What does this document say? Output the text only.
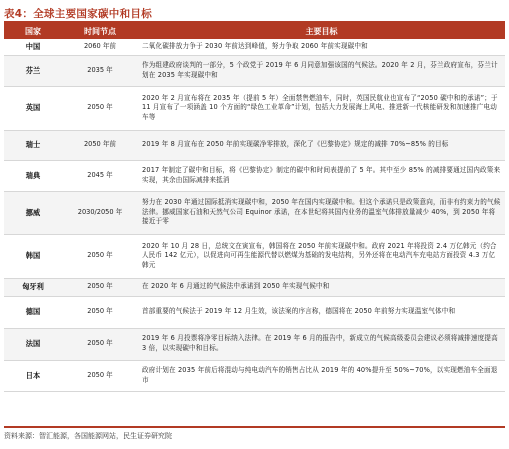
表4：全球主要国家碳中和目标
国家	时间节点	主要目标
中国	2060 年前	二氧化碳排放力争于 2030 年前达到峰值，努力争取 2060 年前实现碳中和
芬兰	2035 年	作为组建政府谈判的一部分，5 个政党于 2019 年 6 月同意加强该国的气候法。2020 年 2 月，芬兰政府宣布，芬兰计划在 2035 年实现碳中和
英国	2050 年	2020 年 2 月宣布将在 2035 年（提前 5 年）全面禁售燃油车，同时，英国民航业也宣布了“2050 碳中和的承诺”；于 11 月宣布了一项涵盖 10 个方面的“绿色工业革命”计划，包括大力发展海上风电、推进新一代核能研发和加速推广电动车等
瑞士	2050 年前	2019 年 8 月宣布在 2050 年前实现碳净零排放，深化了《巴黎协定》规定的减排 70%~85% 的目标
瑞典	2045 年	2017 年制定了碳中和目标，将《巴黎协定》制定的碳中和时间表提前了 5 年。其中至少 85% 的减排要通过国内政策来实现，其余由国际减排来抵消
挪威	2030/2050 年	努力在 2030 年通过国际抵消实现碳中和，2050 年在国内实现碳中和。但这个承诺只是政策意向，而非有约束力的气候法律。挪威国家石油和天然气公司 Equinor 承诺，在本世纪将其国内业务的温室气体排放量减少 40%，到 2050 年将接近于零
韩国	2050 年	2020 年 10 月 28 日，总统文在寅宣布，韩国将在 2050 年前实现碳中和。政府 2021 年将投资 2.4 万亿韩元（约合人民币 142 亿元），以促进向可再生能源代替以燃煤为基础的发电结构，另外还将在电动汽车充电站方面投资 4.3 万亿韩元
匈牙利	2050 年	在 2020 年 6 月通过的气候法中承诺到 2050 年实现气候中和
德国	2050 年	首部重要的气候法于 2019 年 12 月生效，该法案的序言称，德国将在 2050 年前努力实现温室气体中和
法国	2050 年	2019 年 6 月投票将净零目标纳入法律。在 2019 年 6 月的报告中，新成立的气候高级委员会建议必须将减排速度提高 3 倍，以实现碳中和目标。
日本	2050 年	政府计划在 2035 年前后将混动与纯电动汽车的销售占比从 2019 年的 40%提升至 50%~70%，以实现燃油车全面退市
资料来源：智汇能源，各国能源网站，民生证券研究院
